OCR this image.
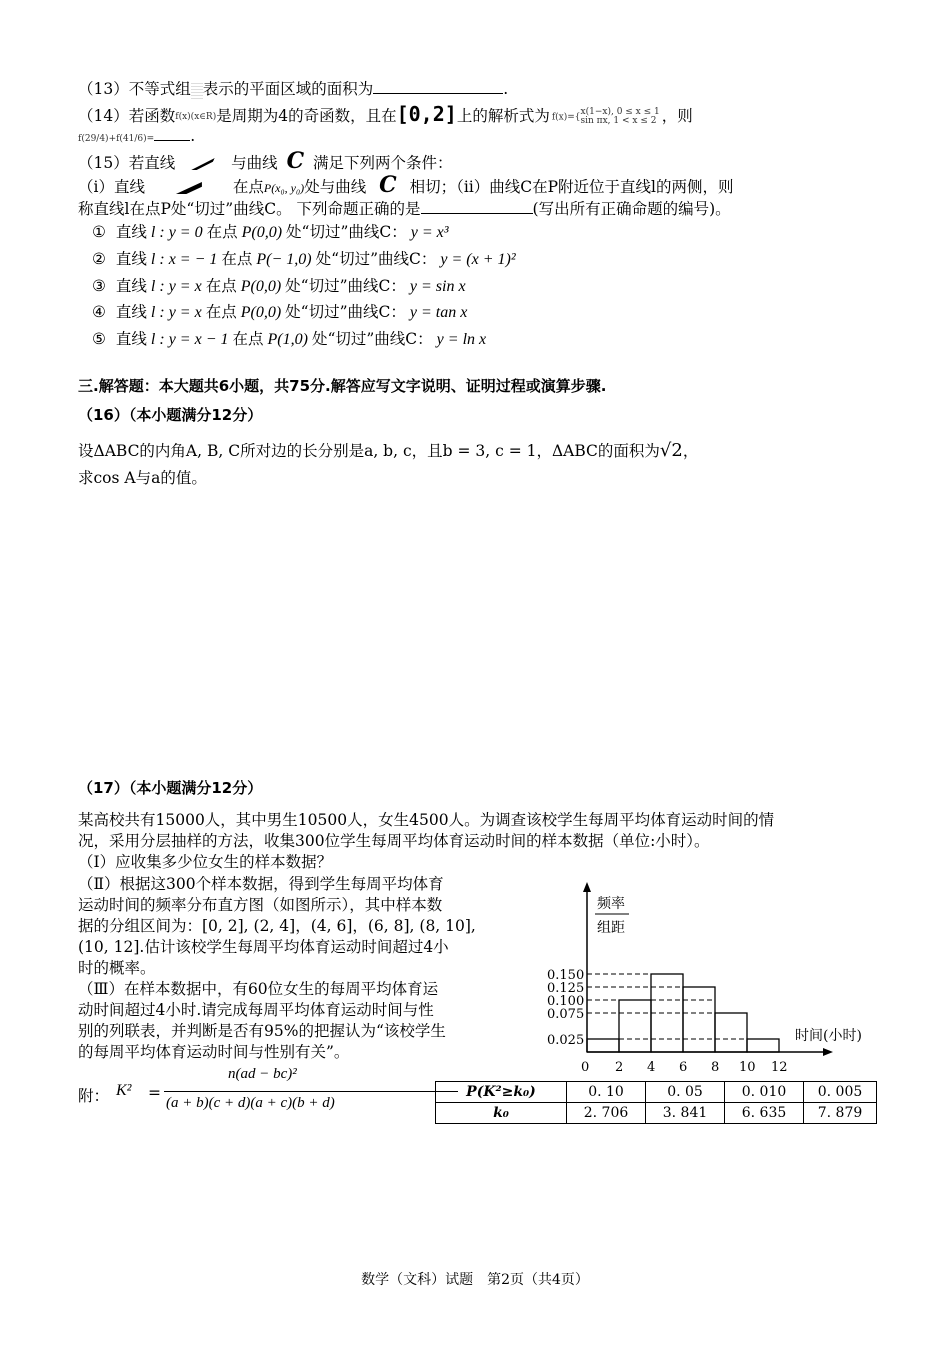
（13）不等式组 表示的平面区域的面积为	.
（14）若函数f(x)(x∈R)是周期为4的奇函数，且在[0,2]上的解析式为 f(x)={x(1−x), 0 ≤ x ≤ 1
sin πx, 1 < x ≤ 2 ，则
f(29/4)+f(41/6)= .
（15）若直线	与曲线 C 满足下列两个条件：
（ⅰ）直线	在点P(x₀, y₀)处与曲线 C 相切；（ⅱ）曲线C在P附近位于直线l的两侧，则
称直线l在点P处“切过”曲线C。 下列命题正确的是	(写出所有正确命题的编号)。
① 直线 l : y = 0 在点 P(0,0) 处“切过”曲线C： y = x³
② 直线 l : x = − 1 在点 P(− 1,0) 处“切过”曲线C： y = (x + 1)²
③ 直线 l : y = x 在点 P(0,0) 处“切过”曲线C： y = sin x
④ 直线 l : y = x 在点 P(0,0) 处“切过”曲线C： y = tan x
⑤ 直线 l : y = x − 1 在点 P(1,0) 处“切过”曲线C： y = ln x
三.解答题：本大题共6小题，共75分.解答应写文字说明、证明过程或演算步骤.
（16）（本小题满分12分）
设ΔABC的内角A, B, C所对边的长分别是a, b, c，且b = 3, c = 1，ΔABC的面积为√2，
求cos A与a的值。
（17）（本小题满分12分）
某高校共有15000人，其中男生10500人，女生4500人。为调查该校学生每周平均体育运动时间的情
况，采用分层抽样的方法，收集300位学生每周平均体育运动时间的样本数据（单位:小时）。
（Ⅰ）应收集多少位女生的样本数据？
（Ⅱ）根据这300个样本数据，得到学生每周平均体育
运动时间的频率分布直方图（如图所示），其中样本数
据的分组区间为：[0, 2], (2, 4]，(4, 6]，(6, 8], (8, 10],
(10, 12].估计该校学生每周平均体育运动时间超过4小
时的概率。
（Ⅲ）在样本数据中，有60位女生的每周平均体育运
动时间超过4小时.请完成每周平均体育运动时间与性
别的列联表，并判断是否有95%的把握认为“该校学生
的每周平均体育运动时间与性别有关”。
附： K² =
n(ad − bc)²
(a + b)(c + d)(a + c)(b + d)
P(K²≥k₀)	0. 10	0. 05	0. 010	0. 005
k₀	2. 706	3. 841	6. 635	7. 879
频率
组距
时间(小时)
0.025
0.075
0.100
0.125
0.150
0 2 4 6 8 10 12
数学（文科）试题　第2页（共4页）
